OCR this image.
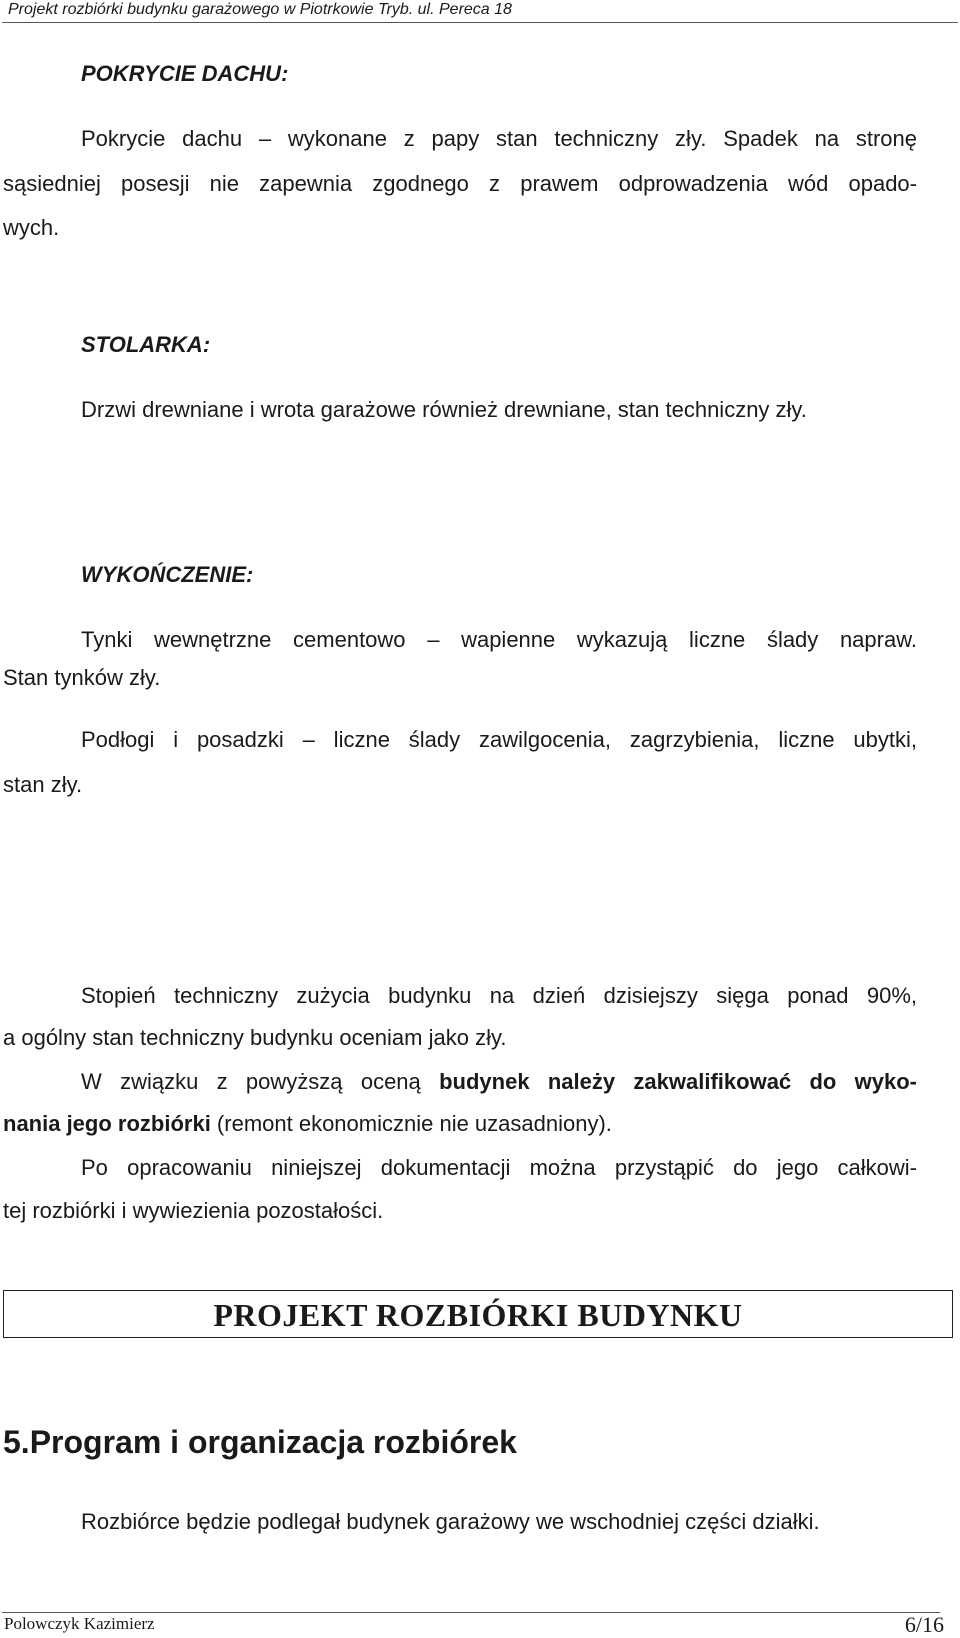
Projekt rozbiórki budynku garażowego w Piotrkowie Tryb. ul. Pereca 18
POKRYCIE DACHU:
Pokrycie dachu – wykonane z papy stan techniczny zły. Spadek na stronę
sąsiedniej posesji nie zapewnia zgodnego z prawem odprowadzenia wód opado-
wych.
STOLARKA:
Drzwi drewniane i wrota garażowe również drewniane, stan techniczny zły.
WYKOŃCZENIE:
Tynki wewnętrzne cementowo – wapienne wykazują liczne ślady napraw.
Stan tynków zły.
Podłogi i posadzki – liczne ślady zawilgocenia, zagrzybienia, liczne ubytki,
stan zły.
Stopień techniczny zużycia budynku na dzień dzisiejszy sięga ponad 90%,
a ogólny stan techniczny budynku oceniam jako zły.
W związku z powyższą oceną budynek należy zakwalifikować do wyko-
nania jego rozbiórki (remont ekonomicznie nie uzasadniony).
Po opracowaniu niniejszej dokumentacji można przystąpić do jego całkowi-
tej rozbiórki i wywiezienia pozostałości.
PROJEKT ROZBIÓRKI BUDYNKU
5.Program i organizacja rozbiórek
Rozbiórce będzie podlegał budynek garażowy we wschodniej części działki.
Polowczyk Kazimierz	6/16
